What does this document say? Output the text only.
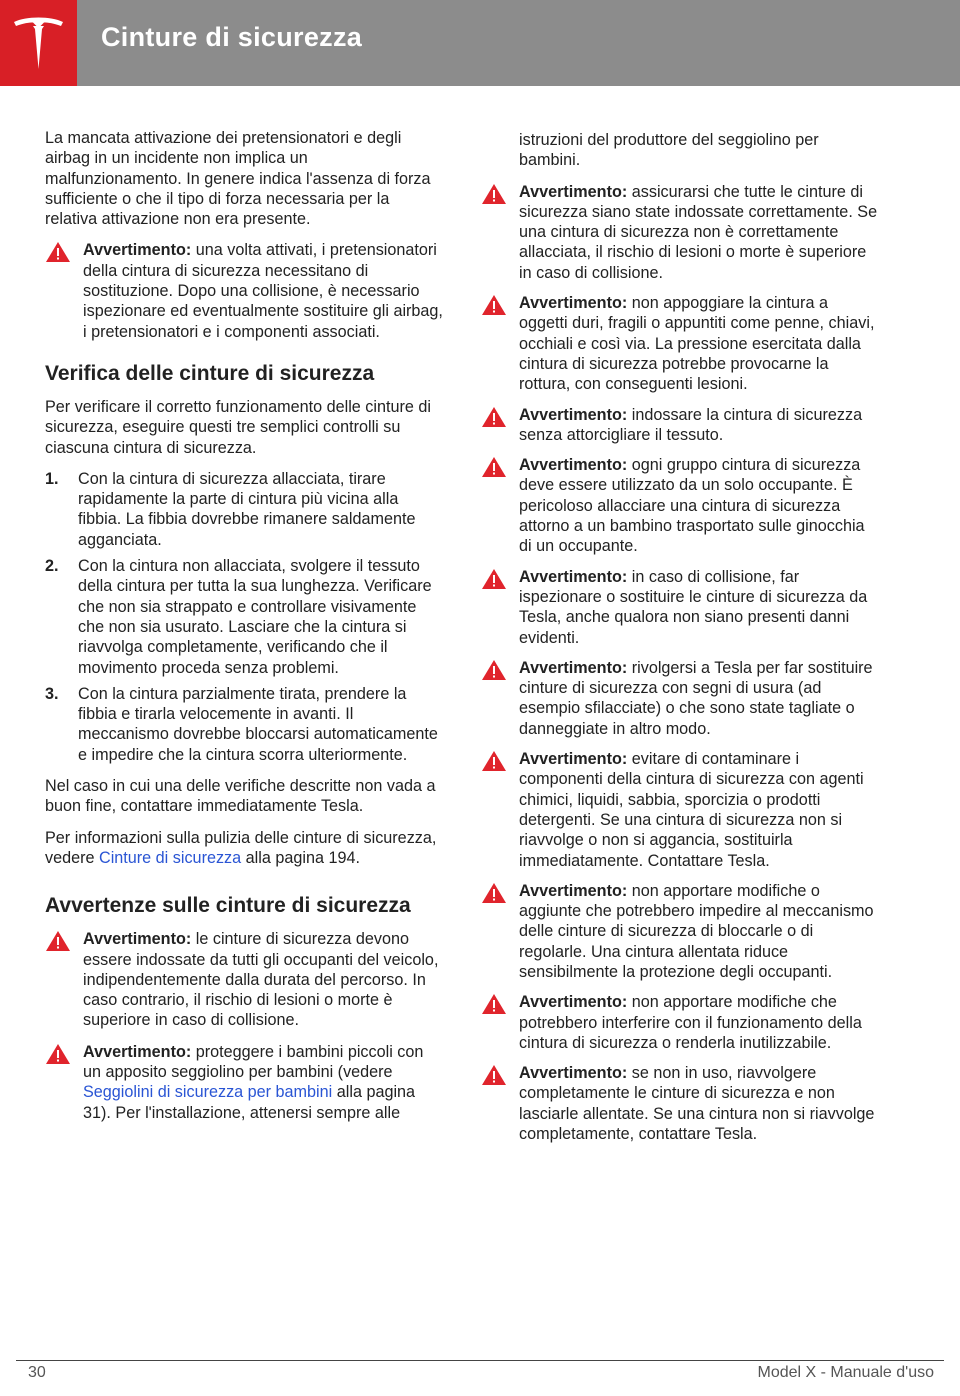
Cinture di sicurezza

La mancata attivazione dei pretensionatori e degli airbag in un incidente non implica un malfunzionamento. In genere indica l'assenza di forza sufficiente o che il tipo di forza necessaria per la relativa attivazione non era presente.

Avvertimento: una volta attivati, i pretensionatori della cintura di sicurezza necessitano di sostituzione. Dopo una collisione, è necessario ispezionare ed eventualmente sostituire gli airbag, i pretensionatori e i componenti associati.
Verifica delle cinture di sicurezza

Per verificare il corretto funzionamento delle cinture di sicurezza, eseguire questi tre semplici controlli su ciascuna cintura di sicurezza.

1. Con la cintura di sicurezza allacciata, tirare rapidamente la parte di cintura più vicina alla fibbia. La fibbia dovrebbe rimanere saldamente agganciata.
2. Con la cintura non allacciata, svolgere il tessuto della cintura per tutta la sua lunghezza. Verificare che non sia strappato e controllare visivamente che non sia usurato. Lasciare che la cintura si riavvolga completamente, verificando che il movimento proceda senza problemi.
3. Con la cintura parzialmente tirata, prendere la fibbia e tirarla velocemente in avanti. Il meccanismo dovrebbe bloccarsi automaticamente e impedire che la cintura scorra ulteriormente.

Nel caso in cui una delle verifiche descritte non vada a buon fine, contattare immediatamente Tesla.

Per informazioni sulla pulizia delle cinture di sicurezza, vedere Cinture di sicurezza alla pagina 194.

Avvertenze sulle cinture di sicurezza
Avvertimento: le cinture di sicurezza devono essere indossate da tutti gli occupanti del veicolo, indipendentemente dalla durata del percorso. In caso contrario, il rischio di lesioni o morte è superiore in caso di collisione.
Avvertimento: proteggere i bambini piccoli con un apposito seggiolino per bambini (vedere Seggiolini di sicurezza per bambini alla pagina 31). Per l'installazione, attenersi sempre alle

istruzioni del produttore del seggiolino per bambini.

Avvertimento: assicurarsi che tutte le cinture di sicurezza siano state indossate correttamente. Se una cintura di sicurezza non è correttamente allacciata, il rischio di lesioni o morte è superiore in caso di collisione.
Avvertimento: non appoggiare la cintura a oggetti duri, fragili o appuntiti come penne, chiavi, occhiali e così via. La pressione esercitata dalla cintura di sicurezza potrebbe provocarne la rottura, con conseguenti lesioni.
Avvertimento: indossare la cintura di sicurezza senza attorcigliare il tessuto.
Avvertimento: ogni gruppo cintura di sicurezza deve essere utilizzato da un solo occupante. È pericoloso allacciare una cintura di sicurezza attorno a un bambino trasportato sulle ginocchia di un occupante.
Avvertimento: in caso di collisione, far ispezionare o sostituire le cinture di sicurezza da Tesla, anche qualora non siano presenti danni evidenti.
Avvertimento: rivolgersi a Tesla per far sostituire cinture di sicurezza con segni di usura (ad esempio sfilacciate) o che sono state tagliate o danneggiate in altro modo.
Avvertimento: evitare di contaminare i componenti della cintura di sicurezza con agenti chimici, liquidi, sabbia, sporcizia o prodotti detergenti. Se una cintura di sicurezza non si riavvolge o non si aggancia, sostituirla immediatamente. Contattare Tesla.
Avvertimento: non apportare modifiche o aggiunte che potrebbero impedire al meccanismo delle cinture di sicurezza di bloccarle o di regolarle. Una cintura allentata riduce sensibilmente la protezione degli occupanti.
Avvertimento: non apportare modifiche che potrebbero interferire con il funzionamento della cintura di sicurezza o renderla inutilizzabile.
Avvertimento: se non in uso, riavvolgere completamente le cinture di sicurezza e non lasciarle allentate. Se una cintura non si riavvolge completamente, contattare Tesla.
30	Model X - Manuale d'uso
